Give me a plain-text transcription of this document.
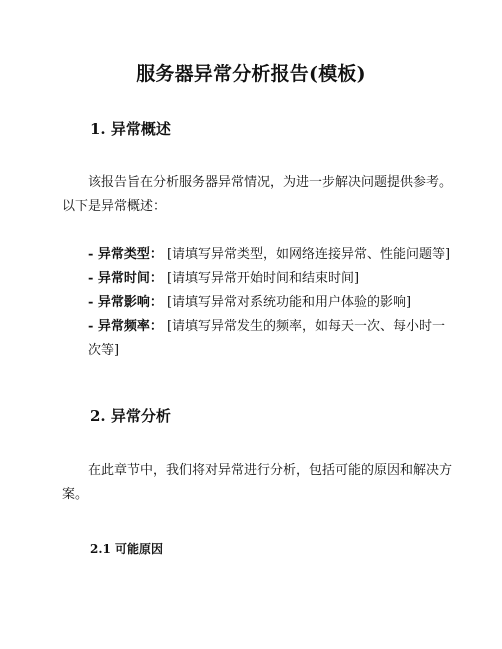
服务器异常分析报告(模板)
1. 异常概述
该报告旨在分析服务器异常情况，为进一步解决问题提供参考。以下是异常概述：
- 异常类型： [请填写异常类型，如网络连接异常、性能问题等]
- 异常时间： [请填写异常开始时间和结束时间]
- 异常影响： [请填写异常对系统功能和用户体验的影响]
- 异常频率： [请填写异常发生的频率，如每天一次、每小时一次等]
2. 异常分析
在此章节中，我们将对异常进行分析，包括可能的原因和解决方案。
2.1 可能原因
